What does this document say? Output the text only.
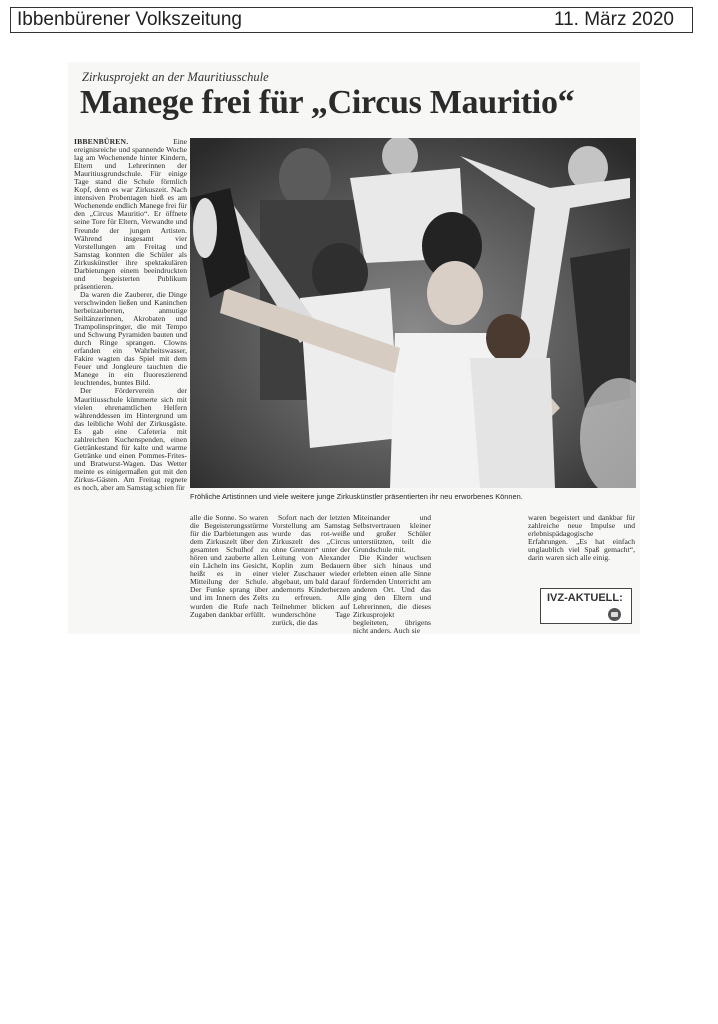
Ibbenbürener Volkszeitung	11. März 2020
Zirkusprojekt an der Mauritiusschule
Manege frei für „Circus Mauritio“

IBBENBÜREN.	Eine ereignisreiche und spannende Woche lag am Wochenende hinter Kindern, Eltern und Lehrerinnen der Mauritiusgrundschule. Für einige Tage stand die Schule förmlich Kopf, denn es war Zirkuszeit. Nach intensiven Probentagen hieß es am Wochenende endlich Manege frei für den „Circus Mauritio“. Er öffnete seine Tore für Eltern, Verwandte und Freunde der jungen Artisten. Während insgesamt vier Vorstellungen am Freitag und Samstag konnten die Schüler als Zirkuskünstler ihre spektakulären Darbietungen einem beeindruckten und begeisterten Publikum präsentieren.

Da waren die Zauberer, die Dinge verschwinden ließen und Kaninchen herbeizauberten, anmutige Seiltänzerinnen, Akrobaten und Trampolinspringer, die mit Tempo und Schwung Pyramiden bauten und durch Ringe sprangen. Clowns erfanden ein Wahrheitswasser, Fakire wagten das Spiel mit dem Feuer und Jongleure tauchten die Manege in ein fluoreszierend leuchtendes, buntes Bild.

Der Förderverein der Mauritiusschule kümmerte sich mit vielen ehrenamtlichen Helfern währenddessen im Hintergrund um das leibliche Wohl der Zirkusgäste. Es gab eine Cafeteria mit zahlreichen Kuchenspenden, einen Getränkestand für kalte und warme Getränke und einen Pommes-Frites- und Bratwurst-Wagen. Das Wetter meinte es einigermaßen gut mit den Zirkus-Gästen. Am Freitag regnete es noch, aber am Samstag schien für

Fröhliche Artistinnen und viele weitere junge Zirkuskünstler präsentierten ihr neu erworbenes Können.

alle die Sonne. So waren die Begeisterungsstürme für die Darbietungen aus dem Zirkuszelt über den gesamten Schulhof zu hören und zauberte allen ein Lächeln ins Gesicht, heißt es in einer Mitteilung der Schule. Der Funke sprang über und im Innern des Zelts wurden die Rufe nach Zugaben dankbar erfüllt.

Sofort nach der letzten Vorstellung am Samstag wurde das rot-weiße Zirkuszelt des „Circus ohne Grenzen“ unter der Leitung von Alexander Koplin zum Bedauern vieler Zuschauer wieder abgebaut, um bald darauf andernorts Kinderherzen zu erfreuen. Alle Teilnehmer blicken auf wunderschöne Tage zurück, die das

Miteinander und Selbstvertrauen kleiner und großer Schüler unterstützten, teilt die Grundschule mit.

Die Kinder wuchsen über sich hinaus und erlebten einen alle Sinne fördernden Unterricht am anderen Ort. Und das ging den Eltern und Lehrerinnen, die dieses Zirkusprojekt begleiteten, übrigens nicht anders. Auch sie

waren begeistert und dankbar für zahlreiche neue Impulse und erlebnispädagogische Erfahrungen. „Es hat einfach unglaublich viel Spaß gemacht“, darin waren sich alle einig.

IVZ-AKTUELL:
